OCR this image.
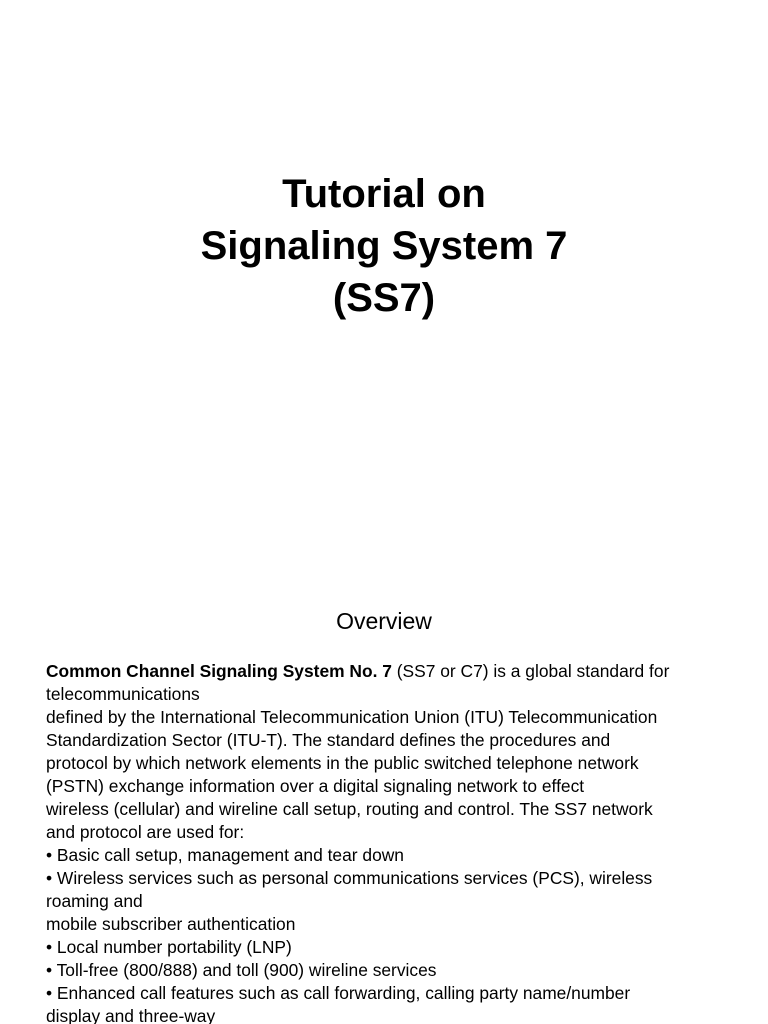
Tutorial on
Signaling System 7
(SS7)
Overview
Common Channel Signaling System No. 7 (SS7 or C7) is a global standard for
telecommunications
defined by the International Telecommunication Union (ITU) Telecommunication
Standardization Sector (ITU-T). The standard defines the procedures and
protocol by which network elements in the public switched telephone network
(PSTN) exchange information over a digital signaling network to effect
wireless (cellular) and wireline call setup, routing and control. The SS7 network
and protocol are used for:
• Basic call setup, management and tear down
• Wireless services such as personal communications services (PCS), wireless
roaming and
mobile subscriber authentication
• Local number portability (LNP)
• Toll-free (800/888) and toll (900) wireline services
• Enhanced call features such as call forwarding, calling party name/number
display and three-way
